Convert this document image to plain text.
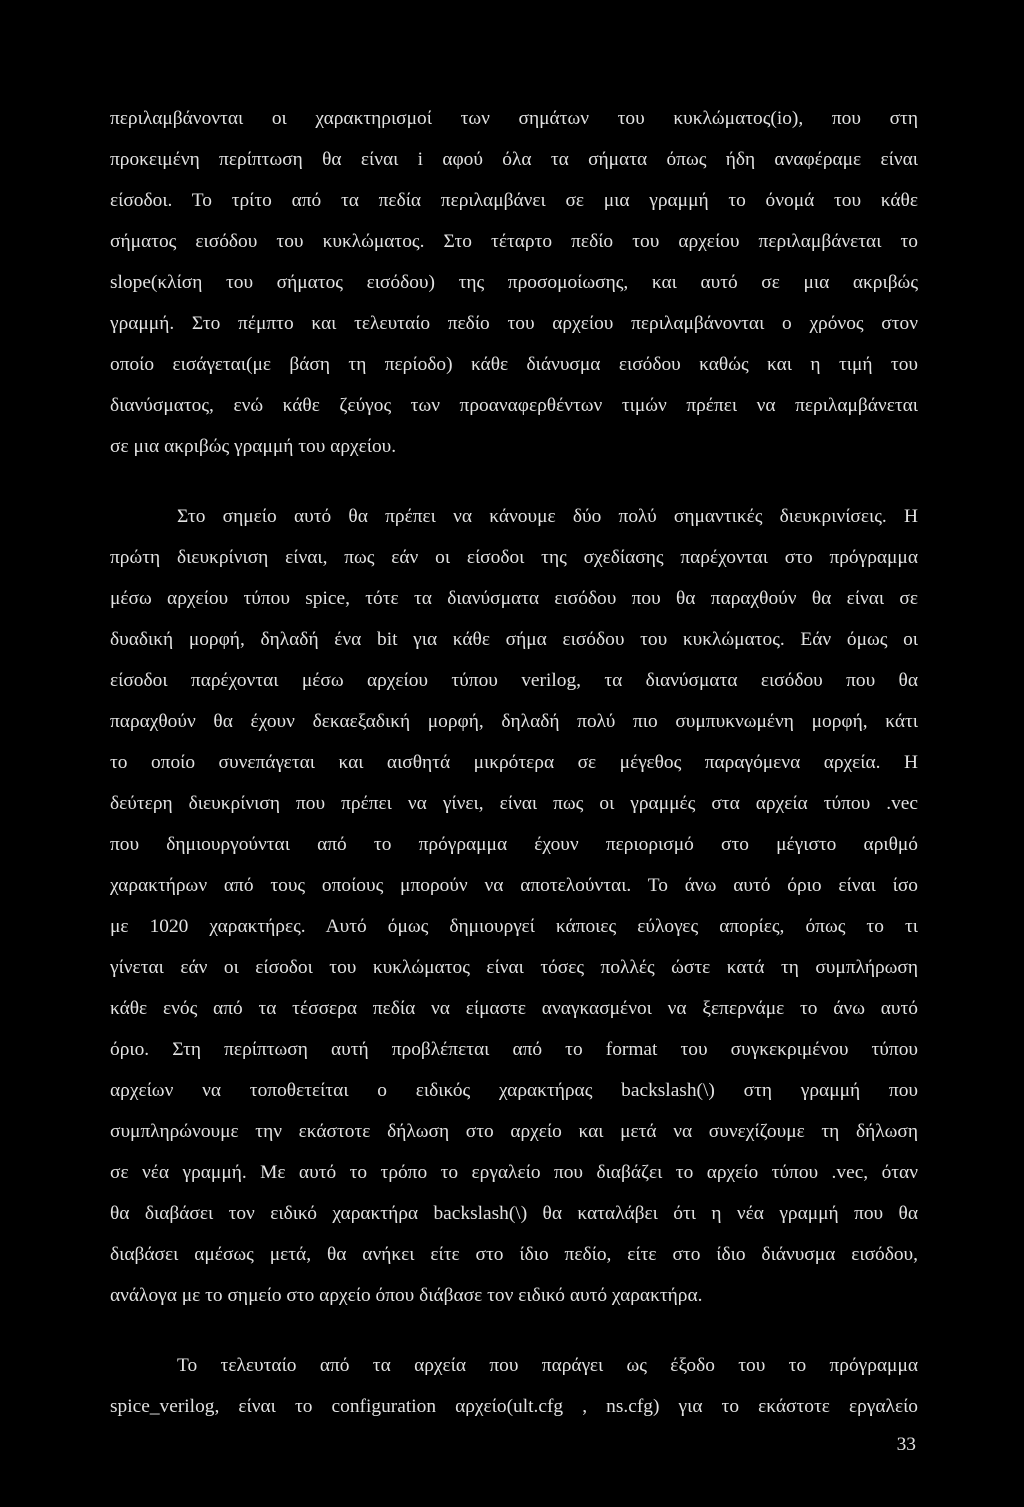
περιλαμβάνονται οι χαρακτηρισμοί των σημάτων του κυκλώματος(io), που στη
προκειμένη περίπτωση θα είναι i αφού όλα τα σήματα όπως ήδη αναφέραμε είναι
είσοδοι. Το τρίτο από τα πεδία περιλαμβάνει σε μια γραμμή το όνομά του κάθε
σήματος εισόδου του κυκλώματος. Στο τέταρτο πεδίο του αρχείου περιλαμβάνεται το
slope(κλίση του σήματος εισόδου) της προσομοίωσης, και αυτό σε μια ακριβώς
γραμμή. Στο πέμπτο και τελευταίο πεδίο του αρχείου περιλαμβάνονται ο χρόνος στον
οποίο εισάγεται(με βάση τη περίοδο) κάθε διάνυσμα εισόδου καθώς και η τιμή του
διανύσματος, ενώ κάθε ζεύγος των προαναφερθέντων τιμών πρέπει να περιλαμβάνεται
σε μια ακριβώς γραμμή του αρχείου.
Στο σημείο αυτό θα πρέπει να κάνουμε δύο πολύ σημαντικές διευκρινίσεις. Η
πρώτη διευκρίνιση είναι, πως εάν οι είσοδοι της σχεδίασης παρέχονται στο πρόγραμμα
μέσω αρχείου τύπου spice, τότε τα διανύσματα εισόδου που θα παραχθούν θα είναι σε
δυαδική μορφή, δηλαδή ένα bit για κάθε σήμα εισόδου του κυκλώματος. Εάν όμως οι
είσοδοι παρέχονται μέσω αρχείου τύπου verilog, τα διανύσματα εισόδου που θα
παραχθούν θα έχουν δεκαεξαδική μορφή, δηλαδή πολύ πιο συμπυκνωμένη μορφή, κάτι
το οποίο συνεπάγεται και αισθητά μικρότερα σε μέγεθος παραγόμενα αρχεία. Η
δεύτερη διευκρίνιση που πρέπει να γίνει, είναι πως οι γραμμές στα αρχεία τύπου .vec
που δημιουργούνται από το πρόγραμμα έχουν περιορισμό στο μέγιστο αριθμό
χαρακτήρων από τους οποίους μπορούν να αποτελούνται. Το άνω αυτό όριο είναι ίσο
με 1020 χαρακτήρες. Αυτό όμως δημιουργεί κάποιες εύλογες απορίες, όπως το τι
γίνεται εάν οι είσοδοι του κυκλώματος είναι τόσες πολλές ώστε κατά τη συμπλήρωση
κάθε ενός από τα τέσσερα πεδία να είμαστε αναγκασμένοι να ξεπερνάμε το άνω αυτό
όριο. Στη περίπτωση αυτή προβλέπεται από το format του συγκεκριμένου τύπου
αρχείων να τοποθετείται ο ειδικός χαρακτήρας backslash(\) στη γραμμή που
συμπληρώνουμε την εκάστοτε δήλωση στο αρχείο και μετά να συνεχίζουμε τη δήλωση
σε νέα γραμμή. Με αυτό το τρόπο το εργαλείο που διαβάζει το αρχείο τύπου .vec, όταν
θα διαβάσει τον ειδικό χαρακτήρα backslash(\) θα καταλάβει ότι η νέα γραμμή που θα
διαβάσει αμέσως μετά, θα ανήκει είτε στο ίδιο πεδίο, είτε στο ίδιο διάνυσμα εισόδου,
ανάλογα με το σημείο στο αρχείο όπου διάβασε τον ειδικό αυτό χαρακτήρα.
Το τελευταίο από τα αρχεία που παράγει ως έξοδο του το πρόγραμμα
spice_verilog, είναι το configuration αρχείο(ult.cfg , ns.cfg) για το εκάστοτε εργαλείο
33
